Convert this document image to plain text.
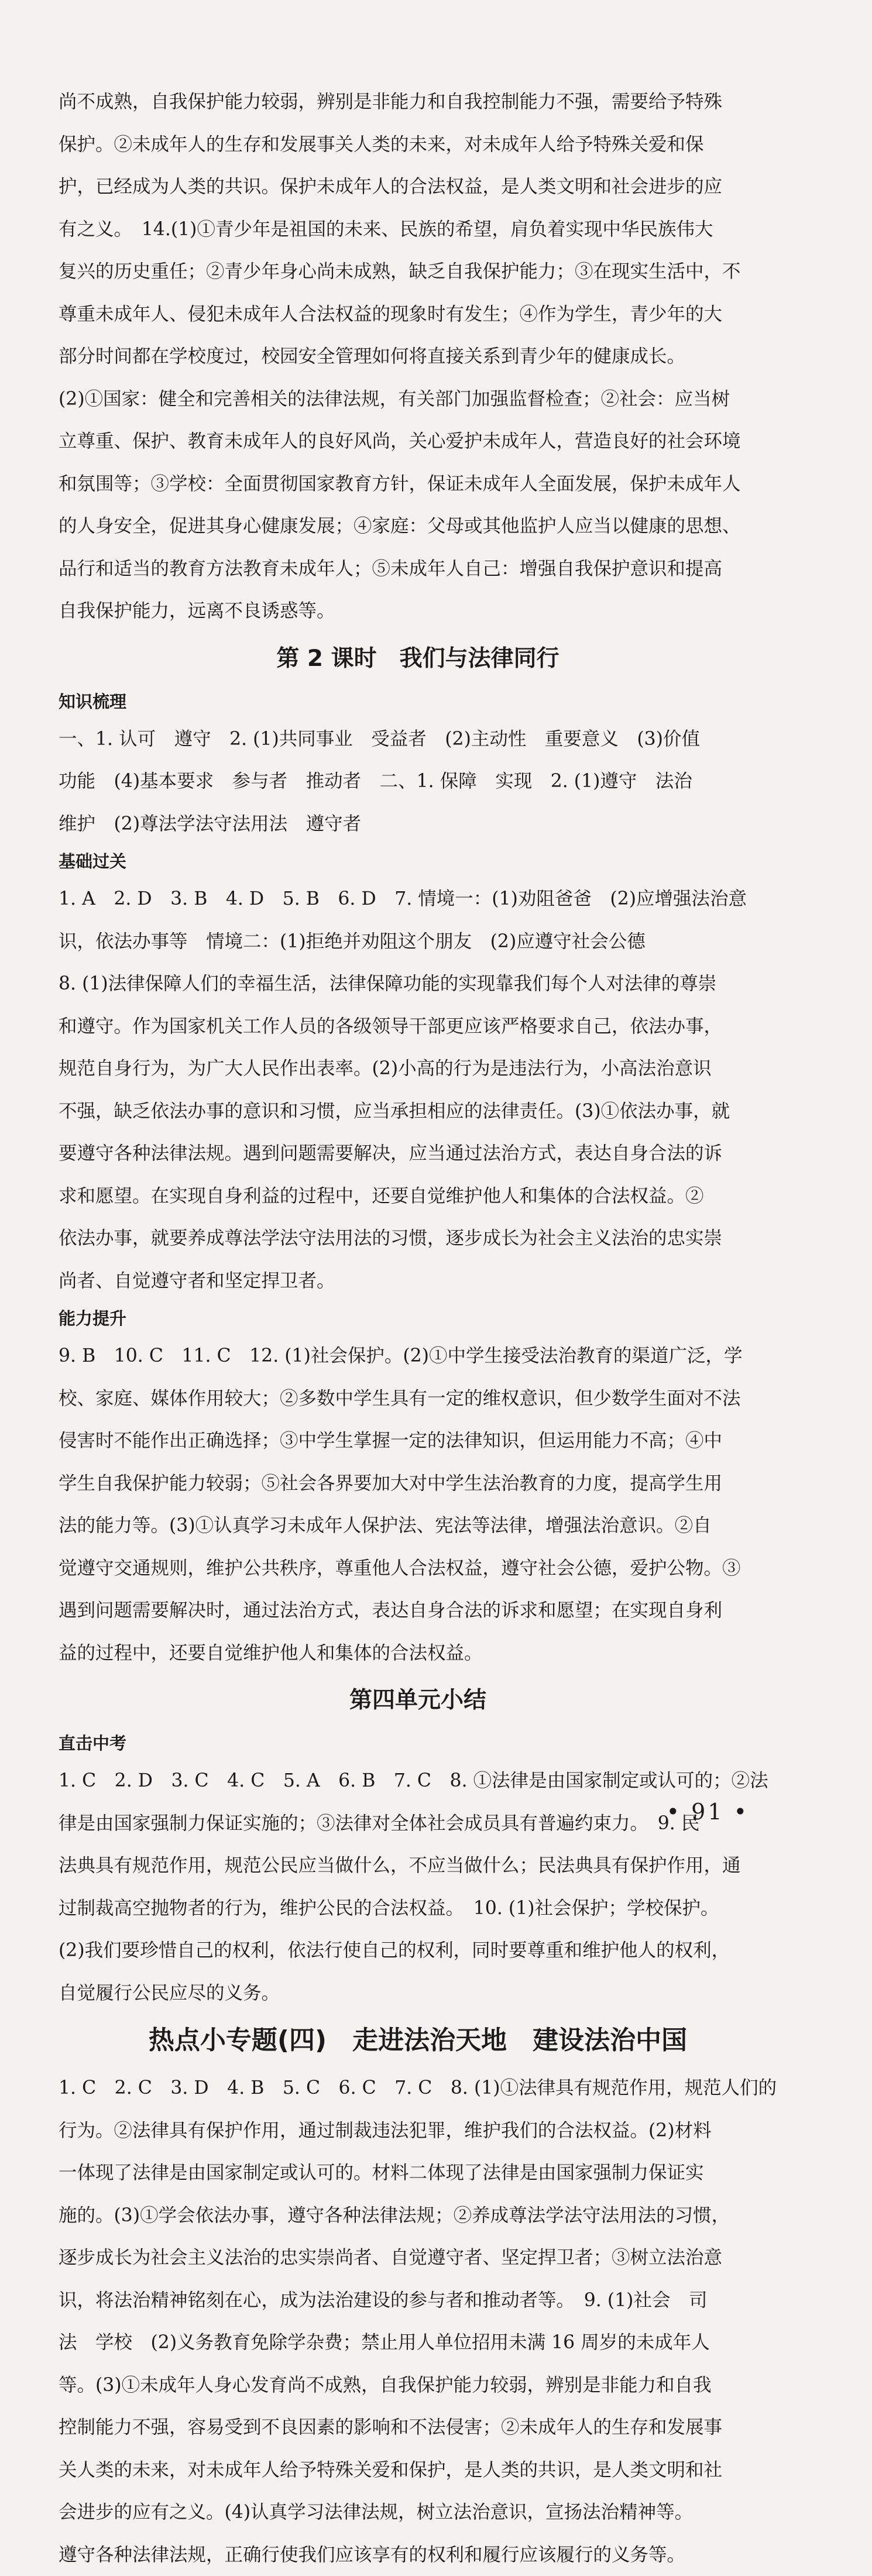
尚不成熟，自我保护能力较弱，辨别是非能力和自我控制能力不强，需要给予特殊
保护。②未成年人的生存和发展事关人类的未来，对未成年人给予特殊关爱和保
护，已经成为人类的共识。保护未成年人的合法权益，是人类文明和社会进步的应
有之义。　14.(1)①青少年是祖国的未来、民族的希望，肩负着实现中华民族伟大
复兴的历史重任；②青少年身心尚未成熟，缺乏自我保护能力；③在现实生活中，不
尊重未成年人、侵犯未成年人合法权益的现象时有发生；④作为学生，青少年的大
部分时间都在学校度过，校园安全管理如何将直接关系到青少年的健康成长。
(2)①国家：健全和完善相关的法律法规，有关部门加强监督检查；②社会：应当树
立尊重、保护、教育未成年人的良好风尚，关心爱护未成年人，营造良好的社会环境
和氛围等；③学校：全面贯彻国家教育方针，保证未成年人全面发展，保护未成年人
的人身安全，促进其身心健康发展；④家庭：父母或其他监护人应当以健康的思想、
品行和适当的教育方法教育未成年人；⑤未成年人自己：增强自我保护意识和提高
自我保护能力，远离不良诱惑等。
第 2 课时　我们与法律同行
知识梳理
一、1. 认可　遵守　2. (1)共同事业　受益者　(2)主动性　重要意义　(3)价值
功能　(4)基本要求　参与者　推动者　二、1. 保障　实现　2. (1)遵守　法治
维护　(2)尊法学法守法用法　遵守者
基础过关
1. A　2. D　3. B　4. D　5. B　6. D　7. 情境一：(1)劝阻爸爸　(2)应增强法治意
识，依法办事等　情境二：(1)拒绝并劝阻这个朋友　(2)应遵守社会公德
8. (1)法律保障人们的幸福生活，法律保障功能的实现靠我们每个人对法律的尊崇
和遵守。作为国家机关工作人员的各级领导干部更应该严格要求自己，依法办事，
规范自身行为，为广大人民作出表率。(2)小高的行为是违法行为，小高法治意识
不强，缺乏依法办事的意识和习惯，应当承担相应的法律责任。(3)①依法办事，就
要遵守各种法律法规。遇到问题需要解决，应当通过法治方式，表达自身合法的诉
求和愿望。在实现自身利益的过程中，还要自觉维护他人和集体的合法权益。②
依法办事，就要养成尊法学法守法用法的习惯，逐步成长为社会主义法治的忠实崇
尚者、自觉遵守者和坚定捍卫者。
能力提升
9. B　10. C　11. C　12. (1)社会保护。(2)①中学生接受法治教育的渠道广泛，学
校、家庭、媒体作用较大；②多数中学生具有一定的维权意识，但少数学生面对不法
侵害时不能作出正确选择；③中学生掌握一定的法律知识，但运用能力不高；④中
学生自我保护能力较弱；⑤社会各界要加大对中学生法治教育的力度，提高学生用
法的能力等。(3)①认真学习未成年人保护法、宪法等法律，增强法治意识。②自
觉遵守交通规则，维护公共秩序，尊重他人合法权益，遵守社会公德，爱护公物。③
遇到问题需要解决时，通过法治方式，表达自身合法的诉求和愿望；在实现自身利
益的过程中，还要自觉维护他人和集体的合法权益。
第四单元小结
直击中考
1. C　2. D　3. C　4. C　5. A　6. B　7. C　8. ①法律是由国家制定或认可的；②法
律是由国家强制力保证实施的；③法律对全体社会成员具有普遍约束力。　9. 民
法典具有规范作用，规范公民应当做什么，不应当做什么；民法典具有保护作用，通
过制裁高空抛物者的行为，维护公民的合法权益。　10. (1)社会保护；学校保护。
(2)我们要珍惜自己的权利，依法行使自己的权利，同时要尊重和维护他人的权利，
自觉履行公民应尽的义务。
热点小专题(四)　走进法治天地　建设法治中国
1. C　2. C　3. D　4. B　5. C　6. C　7. C　8. (1)①法律具有规范作用，规范人们的
行为。②法律具有保护作用，通过制裁违法犯罪，维护我们的合法权益。(2)材料
一体现了法律是由国家制定或认可的。材料二体现了法律是由国家强制力保证实
施的。(3)①学会依法办事，遵守各种法律法规；②养成尊法学法守法用法的习惯，
逐步成长为社会主义法治的忠实崇尚者、自觉遵守者、坚定捍卫者；③树立法治意
识，将法治精神铭刻在心，成为法治建设的参与者和推动者等。　9. (1)社会　司
法　学校　(2)义务教育免除学杂费；禁止用人单位招用未满 16 周岁的未成年人
等。(3)①未成年人身心发育尚不成熟，自我保护能力较弱，辨别是非能力和自我
控制能力不强，容易受到不良因素的影响和不法侵害；②未成年人的生存和发展事
关人类的未来，对未成年人给予特殊关爱和保护，是人类的共识，是人类文明和社
会进步的应有之义。(4)认真学习法律法规，树立法治意识，宣扬法治精神等。
遵守各种法律法规，正确行使我们应该享有的权利和履行应该履行的义务等。
• 91 •
